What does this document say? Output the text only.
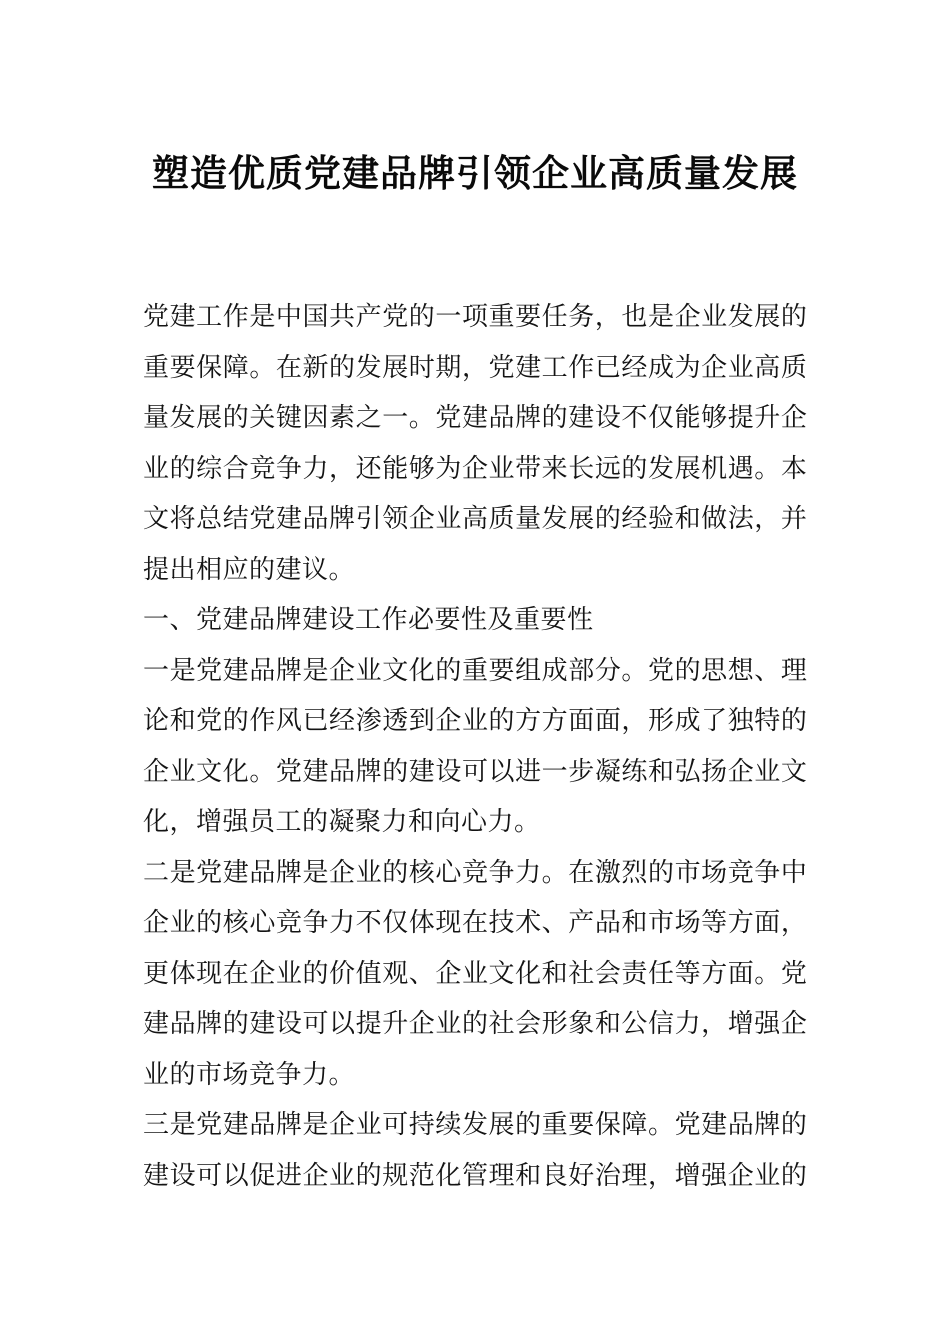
塑造优质党建品牌引领企业高质量发展
党 建 工 作 是 中 国 共 产 党 的 一 项 重 要 任 务 ， 也 是 企 业 发 展 的
重 要 保 障 。 在 新 的 发 展 时 期 ， 党 建 工 作 已 经 成 为 企 业 高 质
量 发 展 的 关 键 因 素 之 一 。 党 建 品 牌 的 建 设 不 仅 能 够 提 升 企
业 的 综 合 竞 争 力 ， 还 能 够 为 企 业 带 来 长 远 的 发 展 机 遇 。 本
文 将 总 结 党 建 品 牌 引 领 企 业 高 质 量 发 展 的 经 验 和 做 法 ， 并
提出相应的建议。
一、党建品牌建设工作必要性及重要性
一 是 党 建 品 牌 是 企 业 文 化 的 重 要 组 成 部 分 。 党 的 思 想 、 理
论 和 党 的 作 风 已 经 渗 透 到 企 业 的 方 方 面 面 ， 形 成 了 独 特 的
企 业 文 化 。 党 建 品 牌 的 建 设 可 以 进 一 步 凝 练 和 弘 扬 企 业 文
化，增强员工的凝聚力和向心力。
二 是 党 建 品 牌 是 企 业 的 核 心 竞 争 力 。 在 激 烈 的 市 场 竞 争 中
企 业 的 核 心 竞 争 力 不 仅 体 现 在 技 术 、 产 品 和 市 场 等 方 面 ，
更 体 现 在 企 业 的 价 值 观 、 企 业 文 化 和 社 会 责 任 等 方 面 。 党
建 品 牌 的 建 设 可 以 提 升 企 业 的 社 会 形 象 和 公 信 力 ， 增 强 企
业的市场竞争力。
三 是 党 建 品 牌 是 企 业 可 持 续 发 展 的 重 要 保 障 。 党 建 品 牌 的
建 设 可 以 促 进 企 业 的 规 范 化 管 理 和 良 好 治 理 ， 增 强 企 业 的
